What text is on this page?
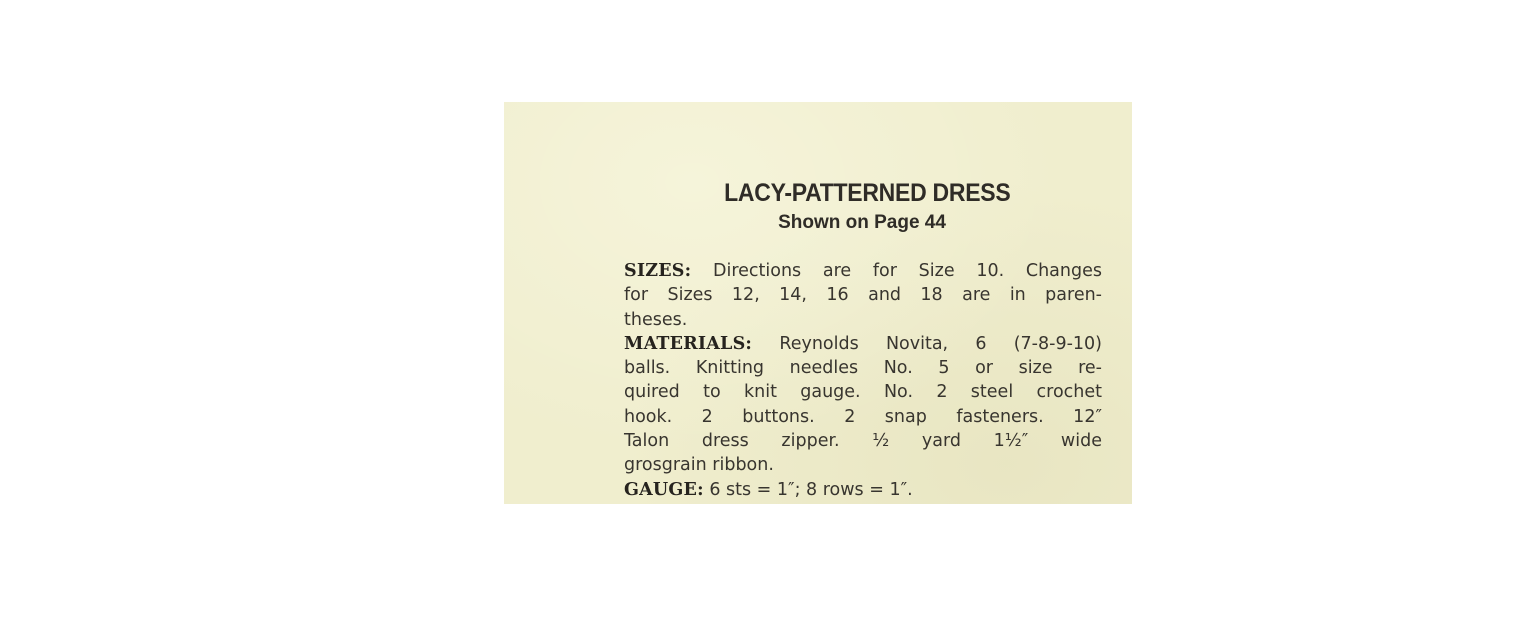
LACY-PATTERNED DRESS
Shown on Page 44
SIZES: Directions are for Size 10. Changes
for Sizes 12, 14, 16 and 18 are in paren-
theses.
MATERIALS: Reynolds Novita, 6 (7-8-9-10)
balls. Knitting needles No. 5 or size re-
quired to knit gauge. No. 2 steel crochet
hook. 2 buttons. 2 snap fasteners. 12″
Talon dress zipper. ½ yard 1½″ wide
grosgrain ribbon.
GAUGE: 6 sts = 1″; 8 rows = 1″.
